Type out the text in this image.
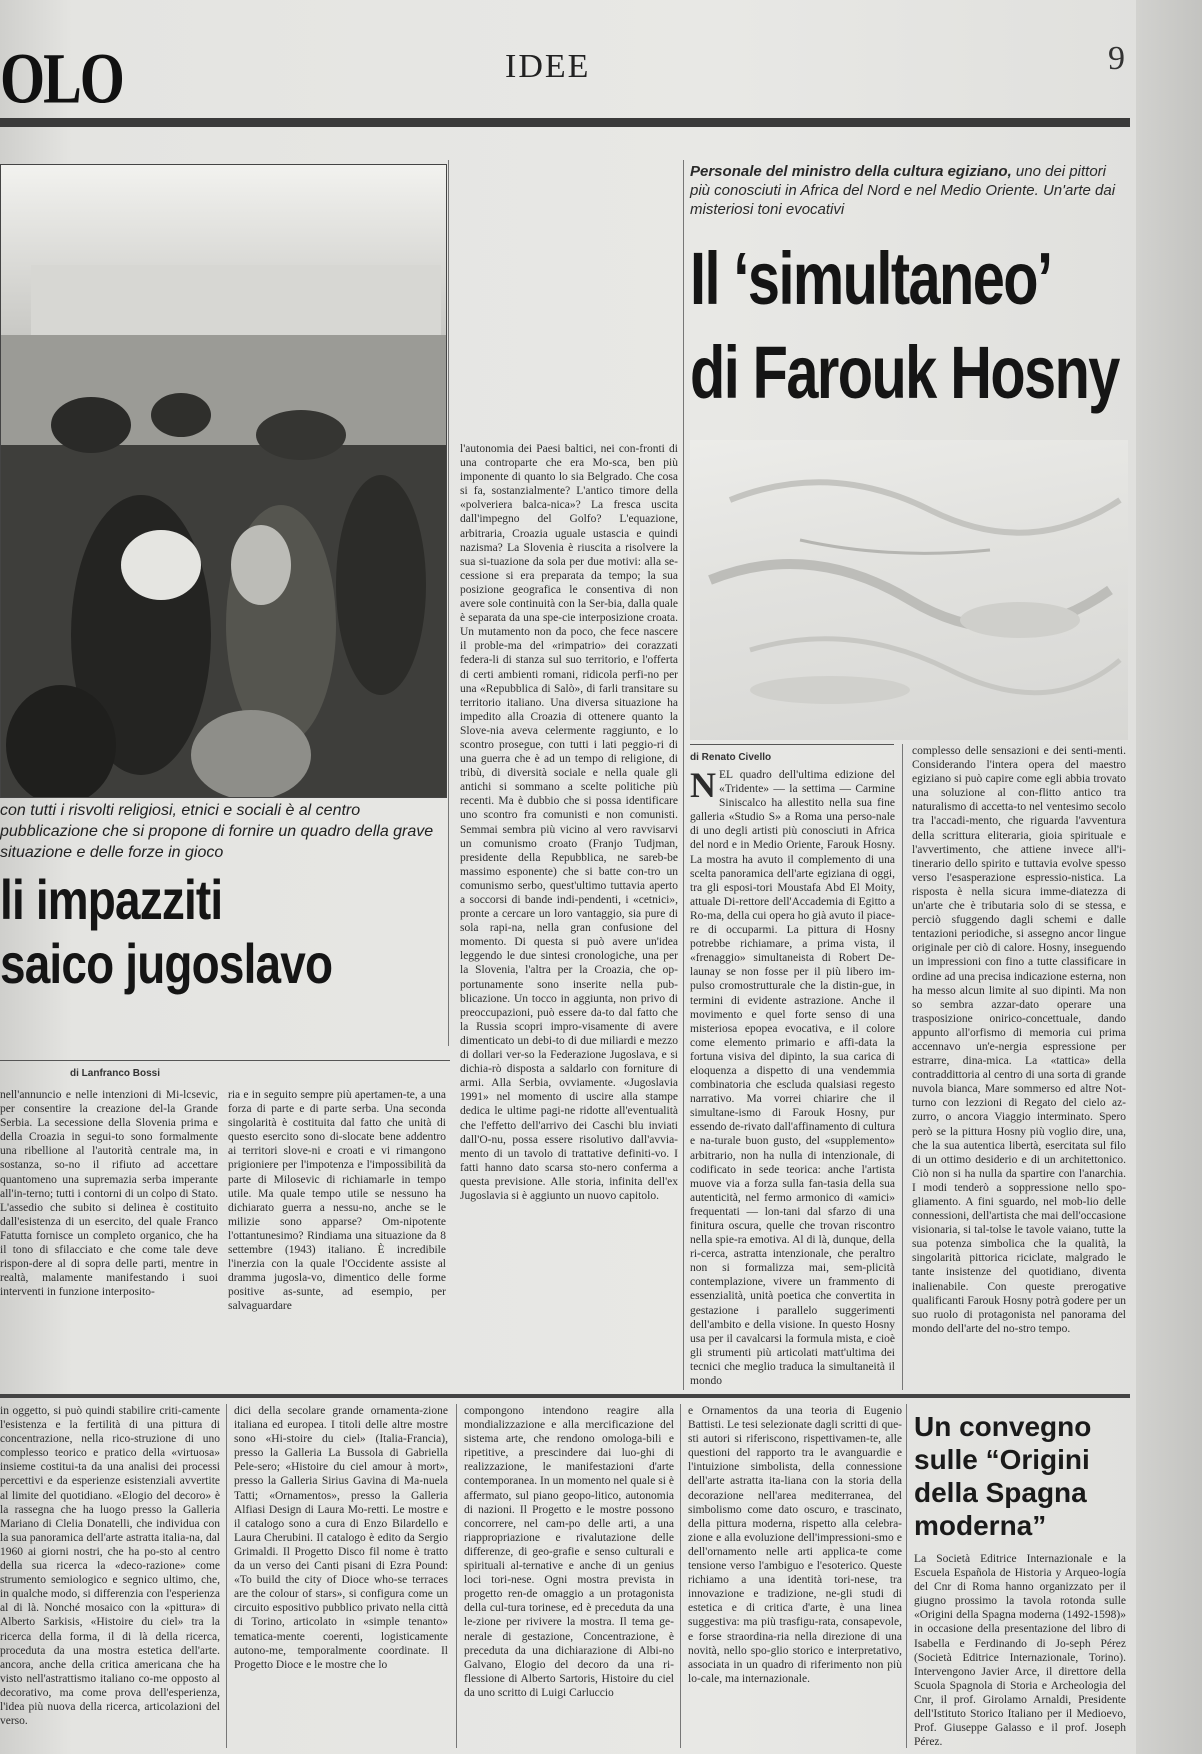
OLO	IDEE	9
con tutti i risvolti religiosi, etnici e sociali è al centro pubblicazione che si propone di fornire un quadro della grave situazione e delle forze in gioco
li impazziti
saico jugoslavo
di Lanfranco Bossi
nell'annuncio e nelle intenzioni di Mi-lcsevic, per consentire la creazione del-la Grande Serbia. La secessione della Slovenia prima e della Croazia in segui-to sono formalmente una ribellione al l'autorità centrale ma, in sostanza, so-no il rifiuto ad accettare quantomeno una supremazia serba imperante all'in-terno; tutti i contorni di un colpo di Stato. L'assedio che subito si delinea è costituito dall'esistenza di un esercito, del quale Franco Fatutta fornisce un completo organico, che ha il tono di sfilacciato e che come tale deve rispon-dere al di sopra delle parti, mentre in realtà, malamente manifestando i suoi interventi in funzione interposito-
ria e in seguito sempre più apertamen-te, a una forza di parte e di parte serba. Una seconda singolarità è costituita dal fatto che unità di questo esercito sono di-slocate bene addentro ai territori slove-ni e croati e vi rimangono prigioniere per l'impotenza e l'impossibilità da parte di Milosevic di richiamarle in tempo utile. Ma quale tempo utile se nessuno ha dichiarato guerra a nessu-no, anche se le milizie sono apparse? Om-nipotente l'ottantunesimo? Rindiama una situazione da 8 settembre (1943) italiano. È incredibile l'inerzia con la quale l'Occidente assiste al dramma jugosla-vo, dimentico delle forme positive as-sunte, ad esempio, per salvaguardare
l'autonomia dei Paesi baltici, nei con-fronti di una controparte che era Mo-sca, ben più imponente di quanto lo sia Belgrado. Che cosa si fa, sostanzialmente? L'antico timore della «polveriera balca-nica»? La fresca uscita dall'impegno del Golfo? L'equazione, arbitraria, Croazia uguale ustascia e quindi nazisma? La Slovenia è riuscita a risolvere la sua si-tuazione da sola per due motivi: alla se-cessione si era preparata da tempo; la sua posizione geografica le consentiva di non avere sole continuità con la Ser-bia, dalla quale è separata da una spe-cie interposizione croata. Un mutamento non da poco, che fece nascere il proble-ma del «rimpatrio» dei corazzati federa-li di stanza sul suo territorio, e l'offerta di certi ambienti romani, ridicola perfi-no per una «Repubblica di Salò», di farli transitare su territorio italiano. Una diversa situazione ha impedito alla Croazia di ottenere quanto la Slove-nia aveva celermente raggiunto, e lo scontro prosegue, con tutti i lati peggio-ri di una guerra che è ad un tempo di religione, di tribù, di diversità sociale e nella quale gli antichi si sommano a scelte politiche più recenti. Ma è dubbio che si possa identificare uno scontro fra comunisti e non comunisti. Semmai sembra più vicino al vero ravvisarvi un comunismo croato (Franjo Tudjman, presidente della Repubblica, ne sareb-be massimo esponente) che si batte con-tro un comunismo serbo, quest'ultimo tuttavia aperto a soccorsi di bande indi-pendenti, i «cetnici», pronte a cercare un loro vantaggio, sia pure di sola rapi-na, nella gran confusione del momento. Di questa si può avere un'idea leggendo le due sintesi cronologiche, una per la Slovenia, l'altra per la Croazia, che op-portunamente sono inserite nella pub-blicazione. Un tocco in aggiunta, non privo di preoccupazioni, può essere da-to dal fatto che la Russia scopri impro-visamente di avere dimenticato un debi-to di due miliardi e mezzo di dollari ver-so la Federazione Jugoslava, e si dichia-rò disposta a saldarlo con forniture di armi. Alla Serbia, ovviamente. «Jugoslavia 1991» nel momento di uscire alla stampe dedica le ultime pagi-ne ridotte all'eventualità che l'effetto dell'arrivo dei Caschi blu inviati dall'O-nu, possa essere risolutivo dall'avvia-mento di un tavolo di trattative definiti-vo. I fatti hanno dato scarsa sto-nero conferma a questa previsione. Alle storia, infinita dell'ex Jugoslavia si è aggiunto un nuovo capitolo.
Personale del ministro della cultura egiziano, uno dei pittori più conosciuti in Africa del Nord e nel Medio Oriente. Un'arte dai misteriosi toni evocativi
Il ‘simultaneo’
di Farouk Hosny
di Renato Civello
NEL quadro dell'ultima edizione del «Tridente» — la settima — Carmine Siniscalco ha allestito nella sua fine galleria «Studio S» a Roma una perso-nale di uno degli artisti più conosciuti in Africa del nord e in Medio Oriente, Farouk Hosny. La mostra ha avuto il complemento di una scelta panoramica dell'arte egiziana di oggi, tra gli esposi-tori Moustafa Abd El Moity, attuale Di-rettore dell'Accademia di Egitto a Ro-ma, della cui opera ho già avuto il piace-re di occuparmi. La pittura di Hosny potrebbe richiamare, a prima vista, il «frenaggio» simultaneista di Robert De-launay se non fosse per il più libero im-pulso cromostrutturale che la distin-gue, in termini di evidente astrazione. Anche il movimento e quel forte senso di una misteriosa epopea evocativa, e il colore come elemento primario e affi-data la fortuna visiva del dipinto, la sua carica di eloquenza a dispetto di una vendemmia combinatoria che escluda qualsiasi regesto narrativo. Ma vorrei chiarire che il simultane-ismo di Farouk Hosny, pur essendo de-rivato dall'affinamento di cultura e na-turale buon gusto, del «supplemento» arbitrario, non ha nulla di intenzionale, di codificato in sede teorica: anche l'artista muove via a forza sulla fan-tasia della sua autenticità, nel fermo armonico di «amici» frequentati — lon-tani dal sfarzo di una finitura oscura, quelle che trovan riscontro nella spie-ra emotiva. Al di là, dunque, della ri-cerca, astratta intenzionale, che peraltro non si formalizza mai, sem-plicità contemplazione, vivere un frammento di essenzialità, unità poetica che convertita in gestazione i parallelo suggerimenti dell'ambito e della visione. In questo Hosny usa per il cavalcarsi la formula mista, e cioè gli strumenti più articolati matt'ultima dei tecnici che meglio traduca la simultaneità il mondo
complesso delle sensazioni e dei senti-menti. Considerando l'intera opera del maestro egiziano si può capire come egli abbia trovato una soluzione al con-flitto antico tra naturalismo di accetta-to nel ventesimo secolo tra l'accadi-mento, che riguarda l'avventura della scrittura eliteraria, gioia spirituale e l'avvertimento, che attiene invece all'i-tinerario dello spirito e tuttavia evolve spesso verso l'esasperazione espressio-nistica. La risposta è nella sicura imme-diatezza di un'arte che è tributaria solo di se stessa, e perciò sfuggendo dagli schemi e dalle tentazioni periodiche, si assegno ancor lingue originale per ciò di calore. Hosny, inseguendo un impressioni con fino a tutte classificare in ordine ad una precisa indicazione esterna, non ha messo alcun limite al suo dipinti. Ma non so sembra azzar-dato operare una trasposizione onirico-concettuale, dando appunto all'orfismo di memoria cui prima accennavo un'e-nergia espressione per estrarre, dina-mica. La «tattica» della contraddittoria al centro di una sorta di grande nuvola bianca, Mare sommerso ed altre Not-turno con lezzioni di Regato del cielo az-zurro, o ancora Viaggio interminato. Spero però se la pittura Hosny più voglio dire, una, che la sua autentica libertà, esercitata sul filo di un ottimo desiderio e di un architettonico. Ciò non si ha nulla da spartire con l'anarchia. I modi tenderò a soppressione nello spo-gliamento. A fini sguardo, nel mob-lio delle connessioni, dell'artista che mai dell'occasione visionaria, si tal-tolse le tavole vaiano, tutte la sua potenza simbolica che la qualità, la singolarità pittorica riciclate, malgrado le tante insistenze del quotidiano, diventa inalienabile. Con queste prerogative qualificanti Farouk Hosny potrà godere per un suo ruolo di protagonista nel panorama del mondo dell'arte del no-stro tempo.
in oggetto, si può quindi stabilire criti-camente l'esistenza e la fertilità di una pittura di concentrazione, nella rico-struzione di uno complesso teorico e pratico della «virtuosa» insieme costitui-ta da una analisi dei processi percettivi e da esperienze esistenziali avvertite al limite del quotidiano. «Elogio del decoro» è la rassegna che ha luogo presso la Galleria Mariano di Clelia Donatelli, che individua con la sua panoramica dell'arte astratta italia-na, dal 1960 ai giorni nostri, che ha po-sto al centro della sua ricerca la «deco-razione» come strumento semiologico e segnico ultimo, che, in qualche modo, si differenzia con l'esperienza al di là. Nonché mosaico con la «pittura» di Alberto Sarkisis, «Histoire du ciel» tra la ricerca della forma, il di là della ricerca, proceduta da una mostra estetica dell'arte. ancora, anche della critica americana che ha visto nell'astrattismo italiano co-me opposto al decorativo, ma come prova dell'esperienza, l'idea più nuova della ricerca, articolazioni del verso.
dici della secolare grande ornamenta-zione italiana ed europea. I titoli delle altre mostre sono «Hi-stoire du ciel» (Italia-Francia), presso la Galleria La Bussola di Gabriella Pele-sero; «Histoire du ciel amour à mort», presso la Galleria Sirius Gavina di Ma-nuela Tatti; «Ornamentos», presso la Galleria Alfiasi Design di Laura Mo-retti. Le mostre e il catalogo sono a cura di Enzo Bilardello e Laura Cherubini. Il catalogo è edito da Sergio Grimaldi. Il Progetto Disco fil nome è tratto da un verso dei Canti pisani di Ezra Pound: «To build the city of Dioce who-se terraces are the colour of stars», si configura come un circuito espositivo pubblico privato nella città di Torino, articolato in «simple tenanto» tematica-mente coerenti, logisticamente autono-me, temporalmente coordinate. Il Progetto Dioce e le mostre che lo
compongono intendono reagire alla mondializzazione e alla mercificazione del sistema arte, che rendono omologa-bili e ripetitive, a prescindere dai luo-ghi di realizzazione, le manifestazioni d'arte contemporanea. In un momento nel quale si è affermato, sul piano geopo-litico, autonomia di nazioni. Il Progetto e le mostre possono concorrere, nel cam-po delle arti, a una riappropriazione e rivalutazione delle differenze, di geo-grafie e senso culturali e spirituali al-ternative e anche di un genius loci tori-nese. Ogni mostra prevista in progetto ren-de omaggio a un protagonista della cul-tura torinese, ed è preceduta da una le-zione per rivivere la mostra. Il tema ge-nerale di gestazione, Concentrazione, è preceduta da una dichiarazione di Albi-no Galvano, Elogio del decoro da una ri-flessione di Alberto Sartoris, Histoire du ciel da uno scritto di Luigi Carluccio
e Ornamentos da una teoria di Eugenio Battisti. Le tesi selezionate dagli scritti di que-sti autori si riferiscono, rispettivamen-te, alle questioni del rapporto tra le avanguardie e l'intuizione simbolista, della connessione dell'arte astratta ita-liana con la storia della decorazione nell'area mediterranea, del simbolismo come dato oscuro, e trascinato, della pittura moderna, rispetto alla celebra-zione e alla evoluzione dell'impressioni-smo e dell'ornamento nelle arti applica-te come tensione verso l'ambiguo e l'esoterico. Queste richiamo a una identità tori-nese, tra innovazione e tradizione, ne-gli studi di estetica e di critica d'arte, è una linea suggestiva: ma più trasfigu-rata, consapevole, e forse straordina-ria nella direzione di una novità, nello spo-glio storico e interpretativo, associata in un quadro di riferimento non più lo-cale, ma internazionale.
Un convegno sulle “Origini della Spagna moderna”
La Società Editrice Internazionale e la Escuela Española de Historia y Arqueo-logía del Cnr di Roma hanno organizzato per il giugno prossimo la tavola rotonda sulle «Origini della Spagna moderna (1492-1598)» in occasione della presentazione del libro di Isabella e Ferdinando di Jo-seph Pérez (Società Editrice Internazionale, Torino). Intervengono Javier Arce, il direttore della Scuola Spagnola di Storia e Archeologia del Cnr, il prof. Girolamo Arnaldi, Presidente dell'Istituto Storico Italiano per il Medioevo, Prof. Giuseppe Galasso e il prof. Joseph Pérez.
